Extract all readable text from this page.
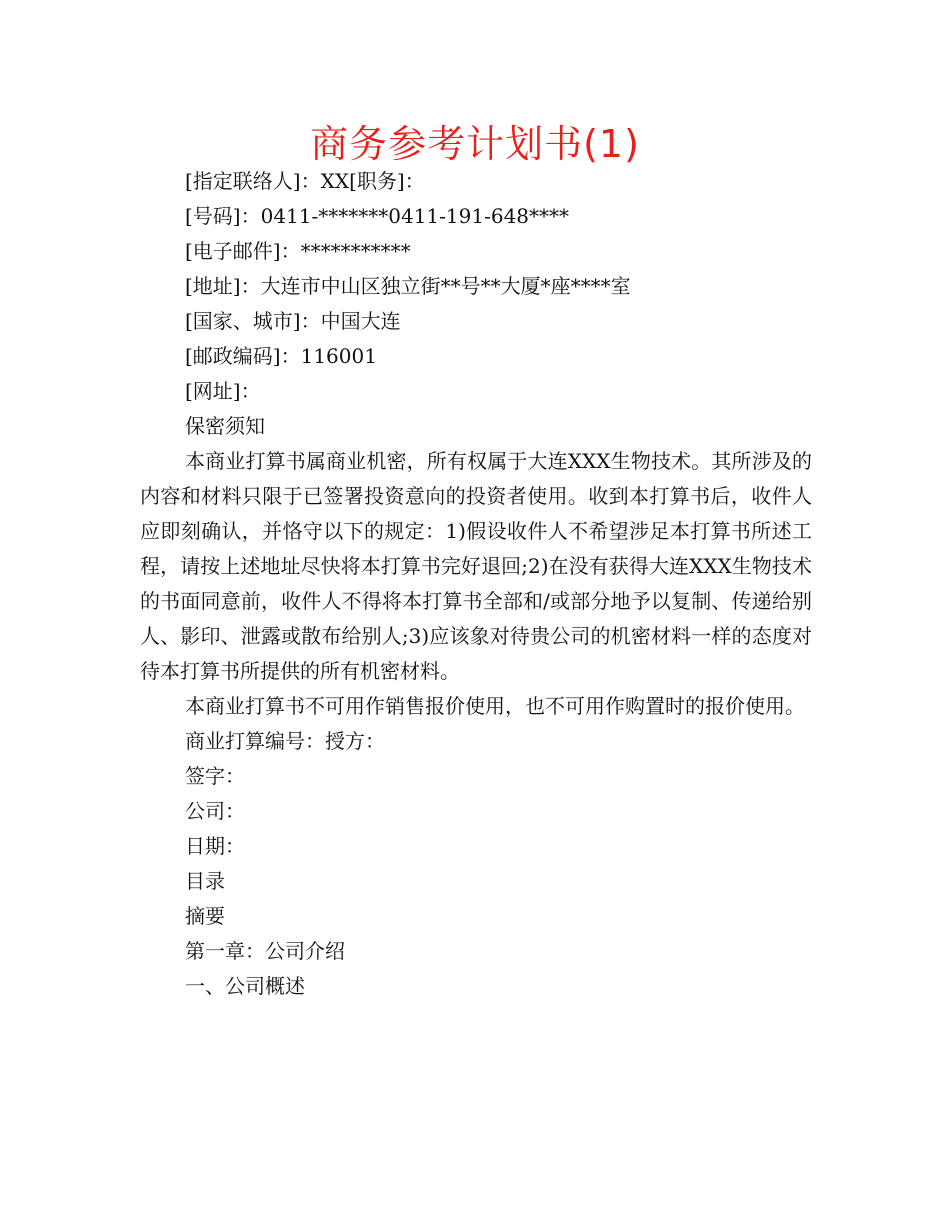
商务参考计划书(1)

[指定联络人]：XX[职务]：

[号码]：0411-*******0411-191-648****

[电子邮件]：***********

[地址]：大连市中山区独立街**号**大厦*座****室

[国家、城市]：中国大连

[邮政编码]：116001

[网址]：

保密须知

本商业打算书属商业机密，所有权属于大连XXX生物技术。其所涉及的内容和材料只限于已签署投资意向的投资者使用。收到本打算书后，收件人应即刻确认，并恪守以下的规定：1)假设收件人不希望涉足本打算书所述工程，请按上述地址尽快将本打算书完好退回;2)在没有获得大连XXX生物技术的书面同意前，收件人不得将本打算书全部和/或部分地予以复制、传递给别人、影印、泄露或散布给别人;3)应该象对待贵公司的机密材料一样的态度对待本打算书所提供的所有机密材料。

本商业打算书不可用作销售报价使用，也不可用作购置时的报价使用。

商业打算编号：授方：

签字：

公司：

日期：

目录

摘要

第一章：公司介绍

一、公司概述
